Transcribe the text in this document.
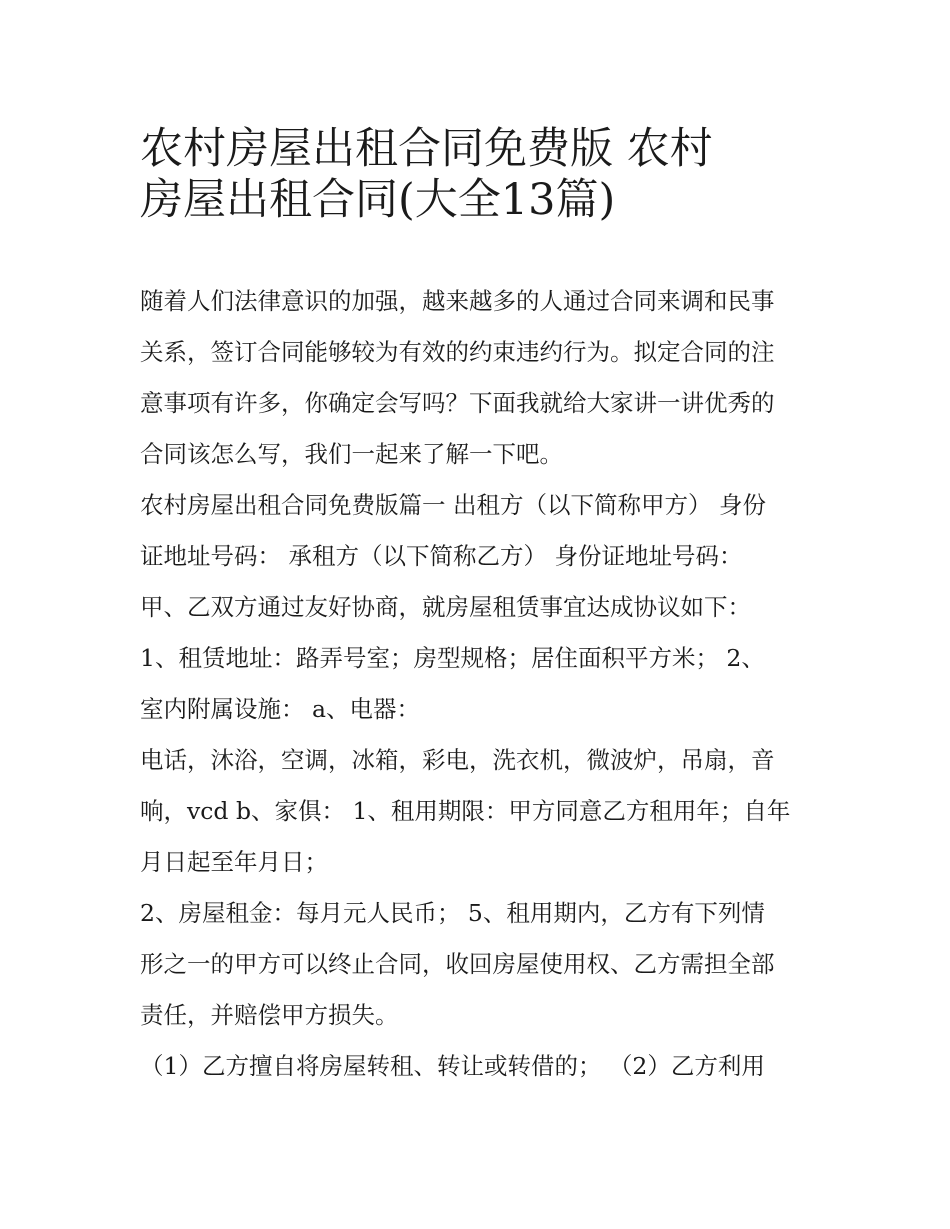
农村房屋出租合同免费版 农村
房屋出租合同(大全13篇)
随着人们法律意识的加强，越来越多的人通过合同来调和民事
关系，签订合同能够较为有效的约束违约行为。拟定合同的注
意事项有许多，你确定会写吗？下面我就给大家讲一讲优秀的
合同该怎么写，我们一起来了解一下吧。
农村房屋出租合同免费版篇一 出租方（以下简称甲方） 身份
证地址号码： 承租方（以下简称乙方） 身份证地址号码：
甲、乙双方通过友好协商，就房屋租赁事宜达成协议如下：
1、租赁地址：路弄号室；房型规格；居住面积平方米； 2、
室内附属设施： a、电器：
电话，沐浴，空调，冰箱，彩电，洗衣机，微波炉，吊扇，音
响，vcd b、家俱： 1、租用期限：甲方同意乙方租用年；自年
月日起至年月日；
2、房屋租金：每月元人民币； 5、租用期内，乙方有下列情
形之一的甲方可以终止合同，收回房屋使用权、乙方需担全部
责任，并赔偿甲方损失。
（1）乙方擅自将房屋转租、转让或转借的； （2）乙方利用
